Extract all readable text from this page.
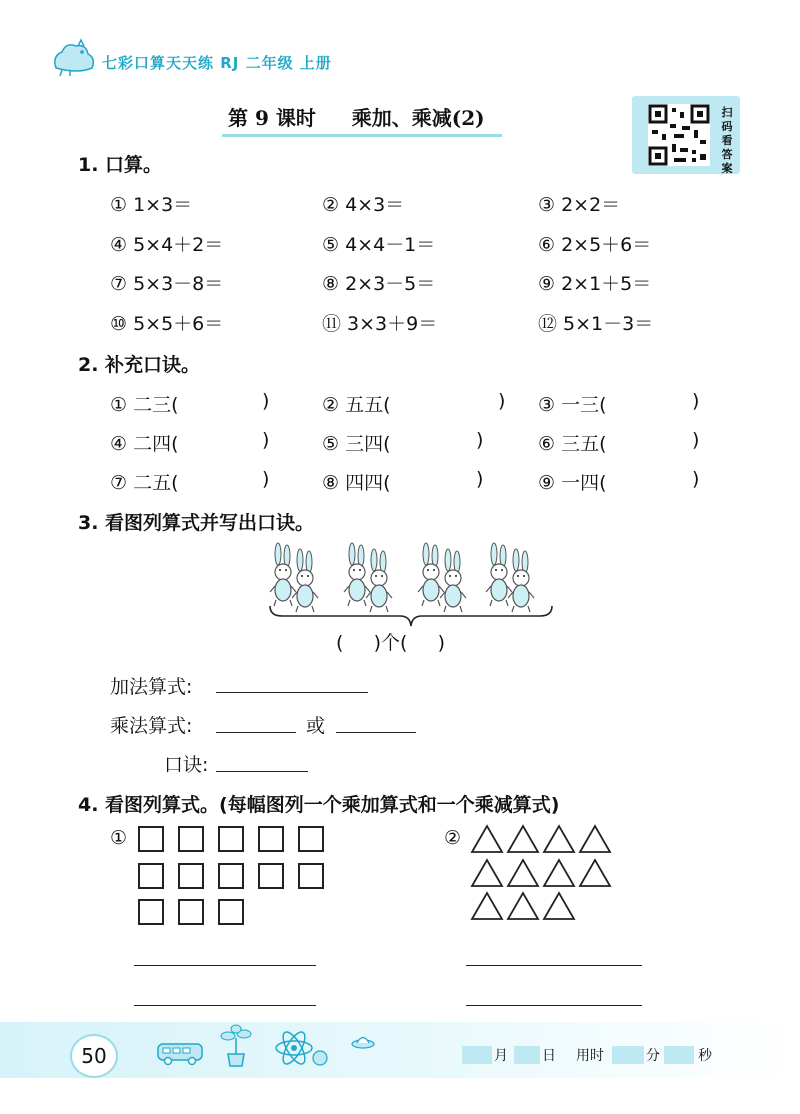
七彩口算天天练 RJ 二年级 上册
第 9 课时 乘加、乘减(2)	扫
码
看
答
案
1. 口算。
① 1×3＝	② 4×3＝	③ 2×2＝
④ 5×4＋2＝	⑤ 4×4－1＝	⑥ 2×5＋6＝
⑦ 5×3－8＝	⑧ 2×3－5＝	⑨ 2×1＋5＝
⑩ 5×5＋6＝	⑪ 3×3＋9＝	⑫ 5×1－3＝
2. 补充口诀。
① 二三(	)	② 五五(	) ③ 一三(	)
④ 二四(	)	⑤ 三四(	)	⑥ 三五(	)
⑦ 二五(	)	⑧ 四四(	)	⑨ 一四(	)
3. 看图列算式并写出口诀。
(     )个(     )
加法算式:
乘法算式:	或
口诀:
4. 看图列算式。(每幅图列一个乘加算式和一个乘减算式)
①	②
50	月 日 用时	分	秒
